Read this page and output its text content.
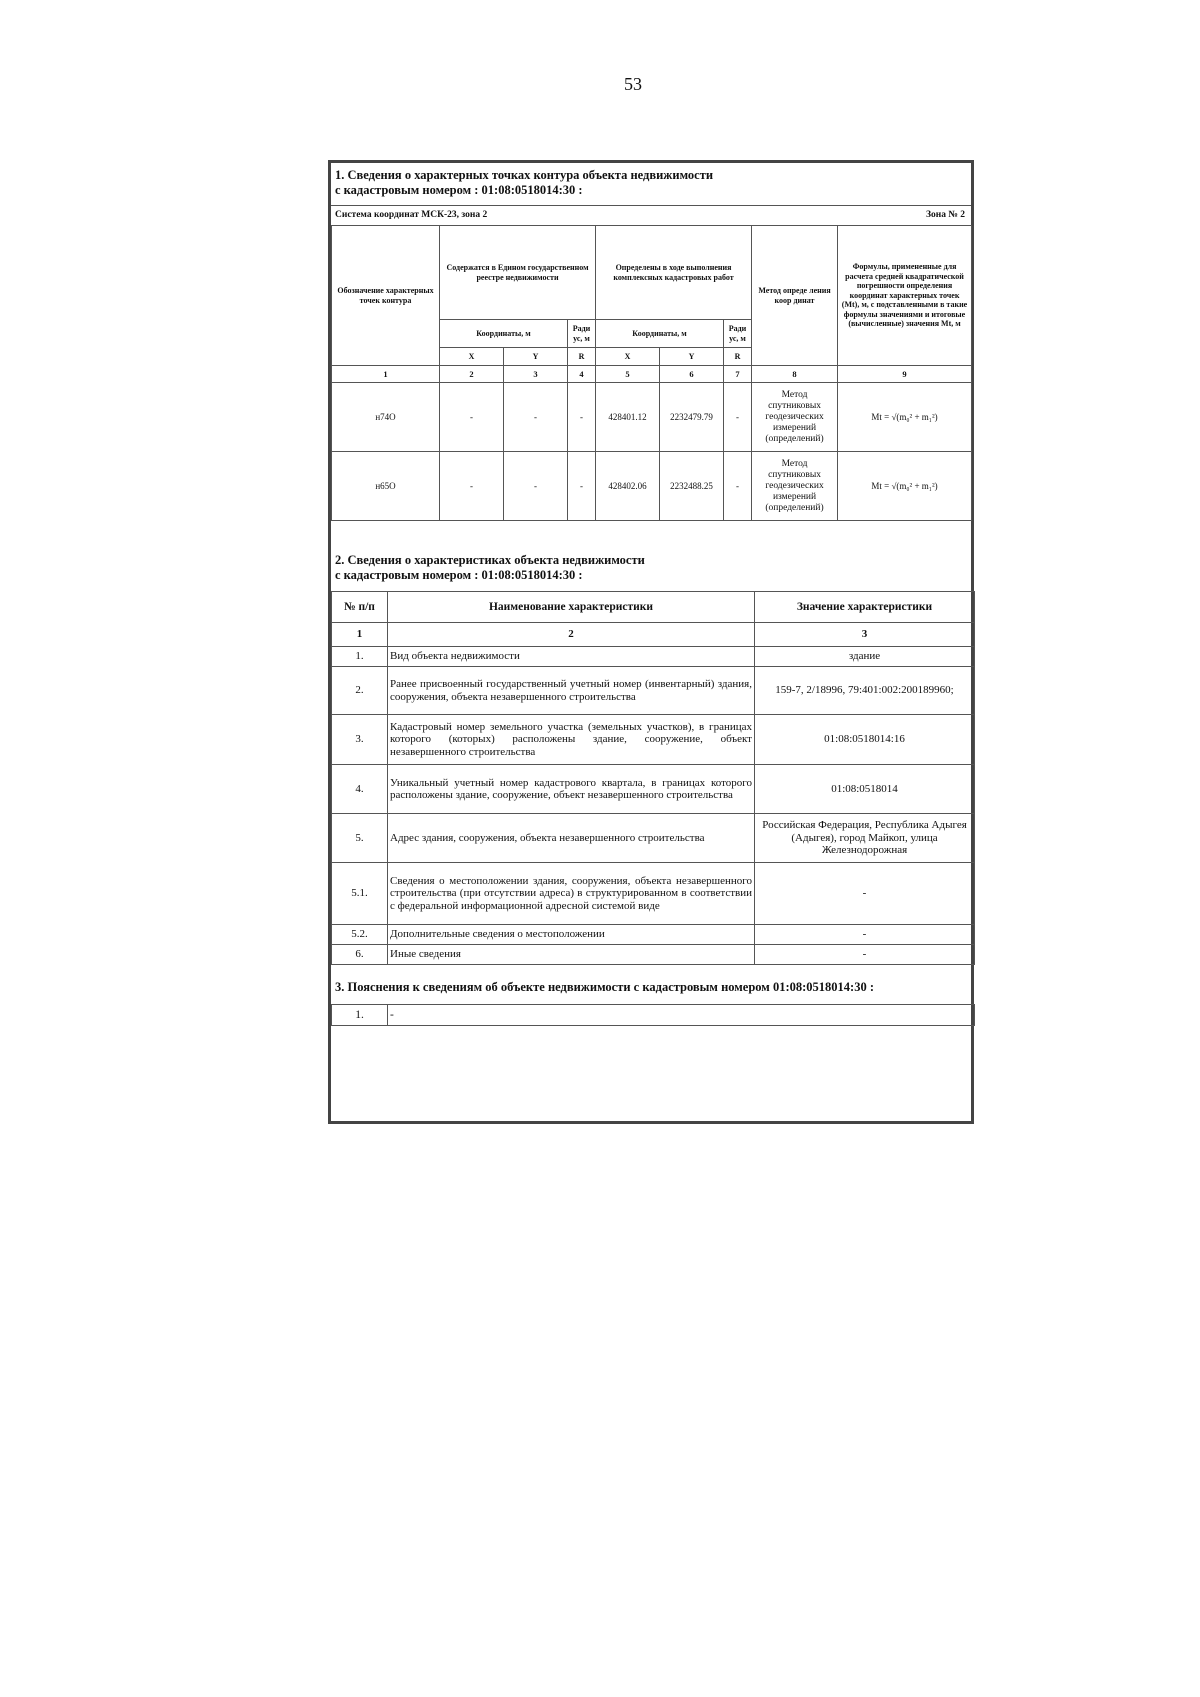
53
1. Сведения о характерных точках контура объекта недвижимости
с кадастровым номером : 01:08:0518014:30 :
Система координат МСК-23, зона 2	Зона № 2
Обозначение характерных точек контура	Содержатся в Едином государственном реестре недвижимости			Определены в ходе выполнения комплексных кадастровых работ			Метод опреде ления коор динат	Формулы, примененные для расчета средней квадратической погрешности определения координат характерных точек (Mt), м, с подставленными в такие формулы значениями и итоговые (вычисленные) значения Mt, м
	Координаты, м		Ради ус, м	Координаты, м		Ради ус, м		
	X	Y	R	X	Y	R		
1	2	3	4	5	6	7	8	9
н74О	-	-	-	428401.12	2232479.79	-	Метод спутниковых геодезических измерений (определений)	Mt = √(m₀² + m₁²)
н65О	-	-	-	428402.06	2232488.25	-	Метод спутниковых геодезических измерений (определений)	Mt = √(m₀² + m₁²)
2. Сведения о характеристиках объекта недвижимости
с кадастровым номером : 01:08:0518014:30 :
№ п/п	Наименование характеристики	Значение характеристики
1	2	3
1.	Вид объекта недвижимости	здание
2.	Ранее присвоенный государственный учетный номер (инвентарный) здания, сооружения, объекта незавершенного строительства	159-7, 2/18996, 79:401:002:200189960;
3.	Кадастровый номер земельного участка (земельных участков), в границах которого (которых) расположены здание, сооружение, объект незавершенного строительства	01:08:0518014:16
4.	Уникальный учетный номер кадастрового квартала, в границах которого расположены здание, сооружение, объект незавершенного строительства	01:08:0518014
5.	Адрес здания, сооружения, объекта незавершенного строительства	Российская Федерация, Республика Адыгея (Адыгея), город Майкоп, улица Железнодорожная
5.1.	Сведения о местоположении здания, сооружения, объекта незавершенного строительства (при отсутствии адреса) в структурированном в соответствии с федеральной информационной адресной системой виде	-
5.2.	Дополнительные сведения о местоположении	-
6.	Иные сведения	-
3. Пояснения к сведениям об объекте недвижимости с кадастровым номером 01:08:0518014:30 :
1.	-
